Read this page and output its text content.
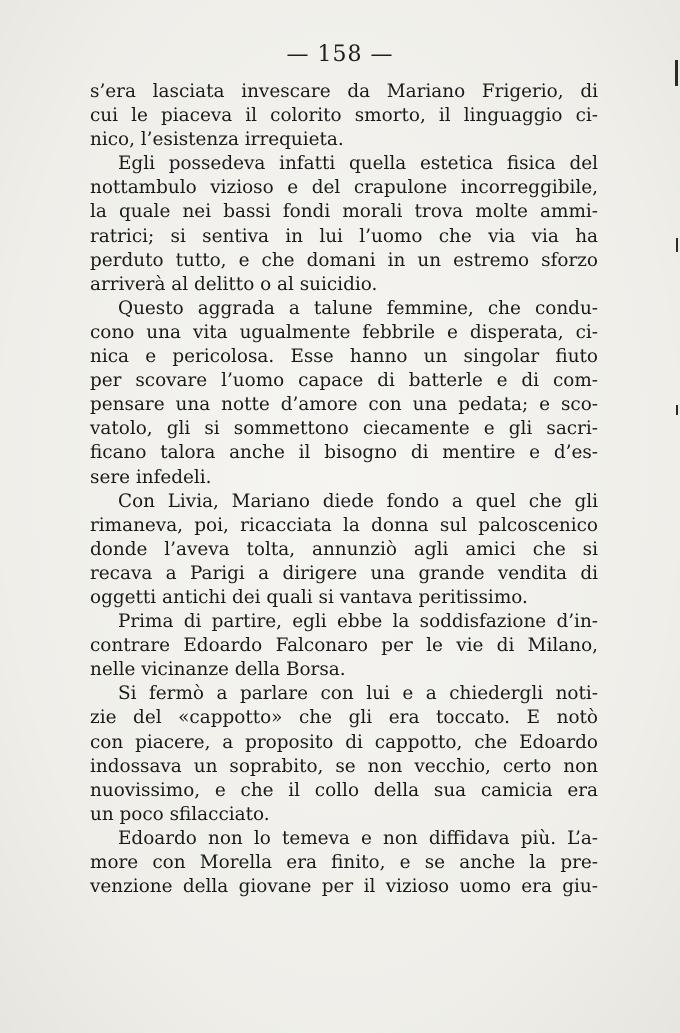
— 158 —
s’era lasciata invescare da Mariano Frigerio, di
cui le piaceva il colorito smorto, il linguaggio ci-
nico, l’esistenza irrequieta.
Egli possedeva infatti quella estetica fisica del
nottambulo vizioso e del crapulone incorreggibile,
la quale nei bassi fondi morali trova molte ammi-
ratrici; si sentiva in lui l’uomo che via via ha
perduto tutto, e che domani in un estremo sforzo
arriverà al delitto o al suicidio.
Questo aggrada a talune femmine, che condu-
cono una vita ugualmente febbrile e disperata, ci-
nica e pericolosa. Esse hanno un singolar fiuto
per scovare l’uomo capace di batterle e di com-
pensare una notte d’amore con una pedata; e sco-
vatolo, gli si sommettono ciecamente e gli sacri-
ficano talora anche il bisogno di mentire e d’es-
sere infedeli.
Con Livia, Mariano diede fondo a quel che gli
rimaneva, poi, ricacciata la donna sul palcoscenico
donde l’aveva tolta, annunziò agli amici che si
recava a Parigi a dirigere una grande vendita di
oggetti antichi dei quali si vantava peritissimo.
Prima di partire, egli ebbe la soddisfazione d’in-
contrare Edoardo Falconaro per le vie di Milano,
nelle vicinanze della Borsa.
Si fermò a parlare con lui e a chiedergli noti-
zie del «cappotto» che gli era toccato. E notò
con piacere, a proposito di cappotto, che Edoardo
indossava un soprabito, se non vecchio, certo non
nuovissimo, e che il collo della sua camicia era
un poco sfilacciato.
Edoardo non lo temeva e non diffidava più. L’a-
more con Morella era finito, e se anche la pre-
venzione della giovane per il vizioso uomo era giu-
